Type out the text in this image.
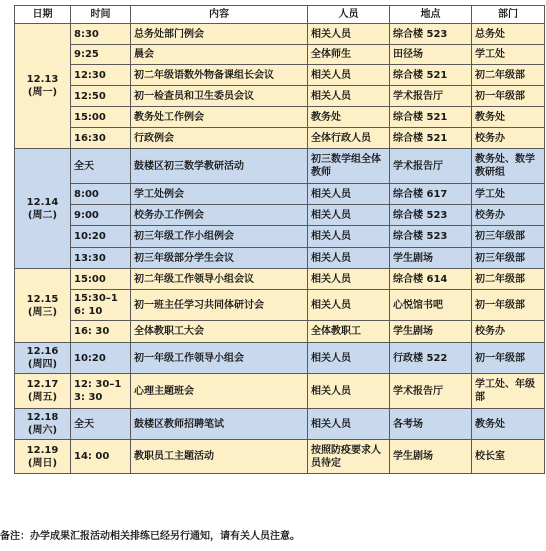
日期	时间	内容	人员	地点	部门

12.13
(周一)	8:30	总务处部门例会	相关人员	综合楼 523	总务处
	9:25	晨会	全体师生	田径场	学工处
	12:30	初二年级语数外物备课组长会议	相关人员	综合楼 521	初二年级部
	12:50	初一检查员和卫生委员会议	相关人员	学术报告厅	初一年级部
	15:00	教务处工作例会	教务处	综合楼 521	教务处
	16:30	行政例会	全体行政人员	综合楼 521	校务办

12.14
(周二)	全天	鼓楼区初三数学教研活动	初三数学组全体教师	学术报告厅	教务处、数学教研组
	8:00	学工处例会	相关人员	综合楼 617	学工处
	9:00	校务办工作例会	相关人员	综合楼 523	校务办
	10:20	初三年级工作小组例会	相关人员	综合楼 523	初三年级部
	13:30	初三年级部分学生会议	相关人员	学生剧场	初三年级部

12.15
(周三)	15:00	初二年级工作领导小组会议	相关人员	综合楼 614	初二年级部
	15:30–16: 10	初一班主任学习共同体研讨会	相关人员	心悦馆书吧	初一年级部
	16: 30	全体教职工大会	全体教职工	学生剧场	校务办

12.16
(周四)	10:20	初一年级工作领导小组会	相关人员	行政楼 522	初一年级部

12.17
(周五)	12: 30–13: 30	心理主题班会	相关人员	学术报告厅	学工处、年级部

12.18
(周六)	全天	鼓楼区教师招聘笔试	相关人员	各考场	教务处

12.19
(周日)	14: 00	教职员工主题活动	按照防疫要求人员待定	学生剧场	校长室
备注：办学成果汇报活动相关排练已经另行通知，请有关人员注意。
